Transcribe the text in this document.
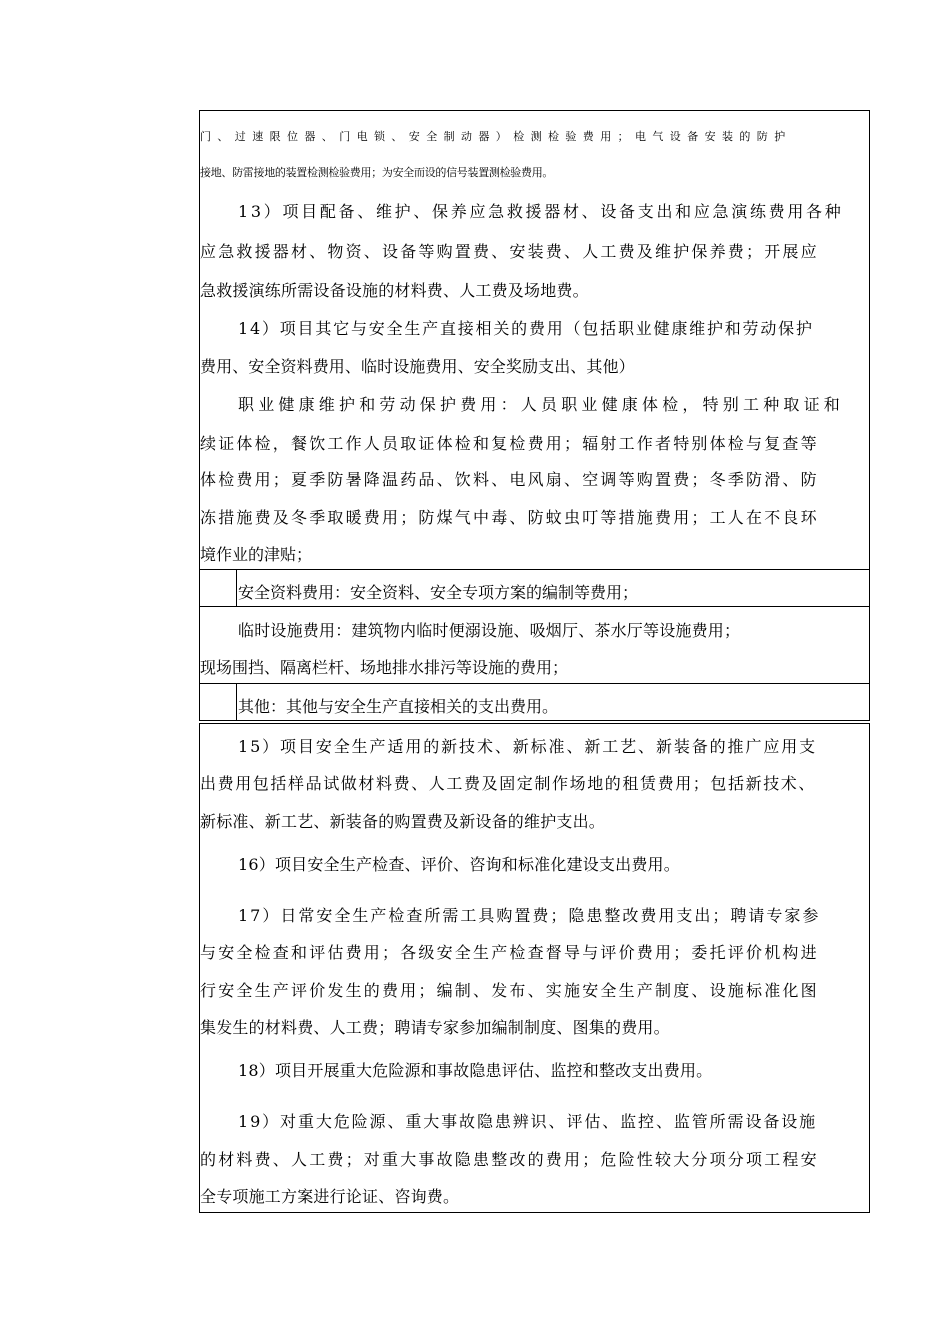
门、过速限位器、门电锁、安全制动器）检测检验费用；电气设备安装的防护
接地、防雷接地的装置检测检验费用；为安全而设的信号装置测检验费用。
13）项目配备、维护、保养应急救援器材、设备支出和应急演练费用各种
应急救援器材、物资、设备等购置费、安装费、人工费及维护保养费；开展应
急救援演练所需设备设施的材料费、人工费及场地费。
14）项目其它与安全生产直接相关的费用（包括职业健康维护和劳动保护
费用、安全资料费用、临时设施费用、安全奖励支出、其他）
职业健康维护和劳动保护费用：人员职业健康体检，特别工种取证和
续证体检，餐饮工作人员取证体检和复检费用；辐射工作者特别体检与复查等
体检费用；夏季防暑降温药品、饮料、电风扇、空调等购置费；冬季防滑、防
冻措施费及冬季取暖费用；防煤气中毒、防蚊虫叮等措施费用；工人在不良环
境作业的津贴；
安全资料费用：安全资料、安全专项方案的编制等费用；
临时设施费用：建筑物内临时便溺设施、吸烟厅、茶水厅等设施费用；
现场围挡、隔离栏杆、场地排水排污等设施的费用；
其他：其他与安全生产直接相关的支出费用。
15）项目安全生产适用的新技术、新标准、新工艺、新装备的推广应用支
出费用包括样品试做材料费、人工费及固定制作场地的租赁费用；包括新技术、
新标准、新工艺、新装备的购置费及新设备的维护支出。
16）项目安全生产检查、评价、咨询和标准化建设支出费用。
17）日常安全生产检查所需工具购置费；隐患整改费用支出；聘请专家参
与安全检查和评估费用；各级安全生产检查督导与评价费用；委托评价机构进
行安全生产评价发生的费用；编制、发布、实施安全生产制度、设施标准化图
集发生的材料费、人工费；聘请专家参加编制制度、图集的费用。
18）项目开展重大危险源和事故隐患评估、监控和整改支出费用。
19）对重大危险源、重大事故隐患辨识、评估、监控、监管所需设备设施
的材料费、人工费；对重大事故隐患整改的费用；危险性较大分项分项工程安
全专项施工方案进行论证、咨询费。
